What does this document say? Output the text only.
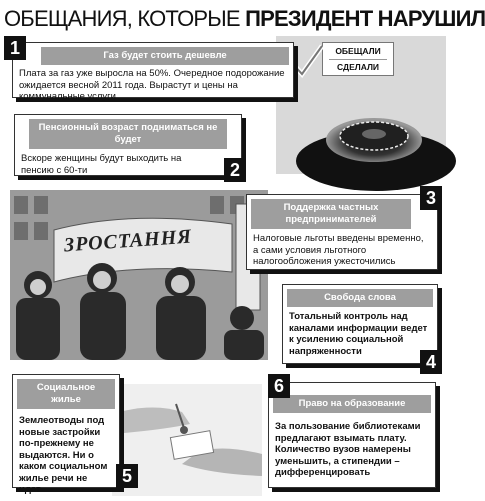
ОБЕЩАНИЯ, КОТОРЫЕ ПРЕЗИДЕНТ НАРУШИЛ
ОБЕЩАЛИ
СДЕЛАЛИ
ЗРОСТАННЯ
Газ будет стоить дешевле
Плата за газ уже выросла на 50%. Очередное подорожание ожидается весной 2011 года. Вырастут и цены на коммунальные услуги
1
Пенсионный возраст подниматься не будет
Вскоре женщины будут выходить на пенсию с 60-ти	2
Поддержка частных предпринимателей
Налоговые льготы введены временно, а сами условия льготного налогообложения ужесточились
3
Свобода слова
Тотальный контроль над каналами информации ведет к усилению социальной напряженности
4
Социальное жилье
Землеотводы под новые застройки по-прежнему не выдаются. Ни о каком социальном жилье речи не идет
5
Право на образование
За пользование библиотеками предлагают взымать плату. Количество вузов намерены уменьшить, а стипендии – дифференцировать
6
